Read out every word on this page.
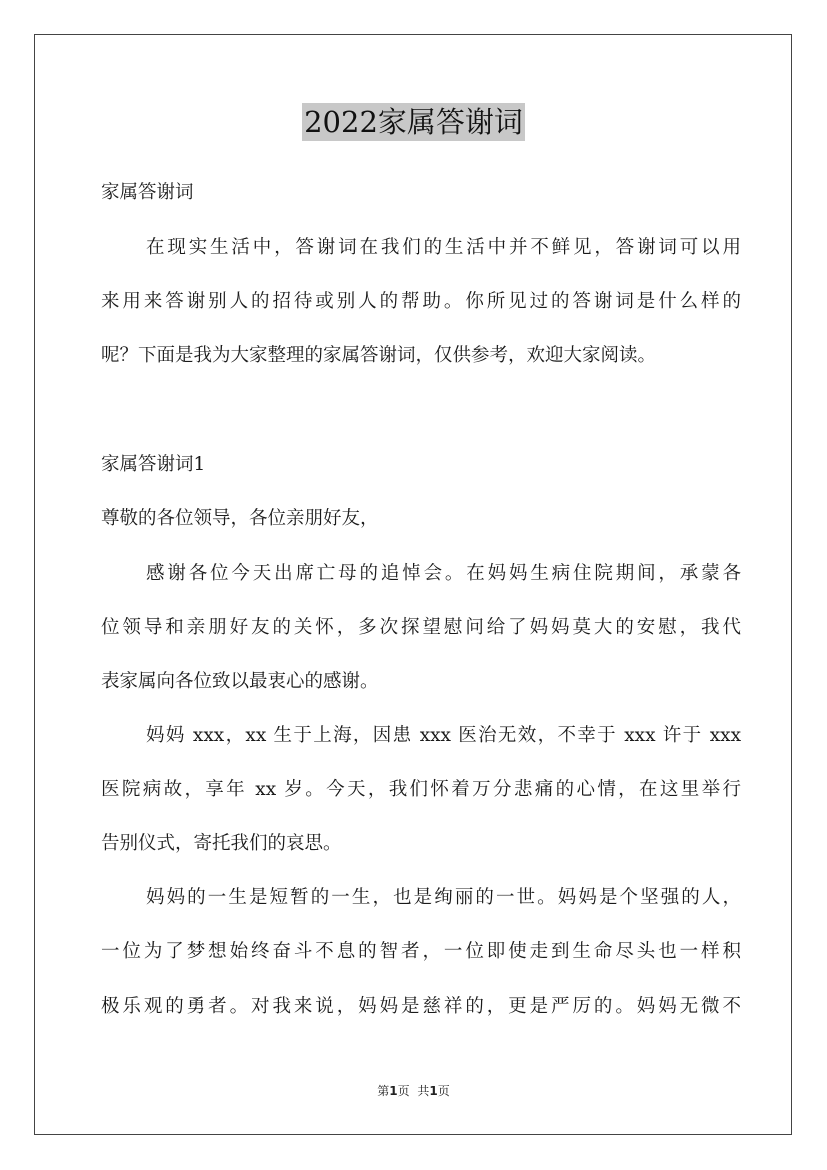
2022家属答谢词
家属答谢词
在现实生活中，答谢词在我们的生活中并不鲜见，答谢词可以用
来用来答谢别人的招待或别人的帮助。你所见过的答谢词是什么样的
呢？下面是我为大家整理的家属答谢词，仅供参考，欢迎大家阅读。
家属答谢词1
尊敬的各位领导，各位亲朋好友，
感谢各位今天出席亡母的追悼会。在妈妈生病住院期间，承蒙各
位领导和亲朋好友的关怀，多次探望慰问给了妈妈莫大的安慰，我代
表家属向各位致以最衷心的感谢。
妈妈 xxx，xx 生于上海，因患 xxx 医治无效，不幸于 xxx 许于 xxx
医院病故，享年 xx 岁。今天，我们怀着万分悲痛的心情，在这里举行
告别仪式，寄托我们的哀思。
妈妈的一生是短暂的一生，也是绚丽的一世。妈妈是个坚强的人，
一位为了梦想始终奋斗不息的智者，一位即使走到生命尽头也一样积
极乐观的勇者。对我来说，妈妈是慈祥的，更是严厉的。妈妈无微不
第1页 共1页
